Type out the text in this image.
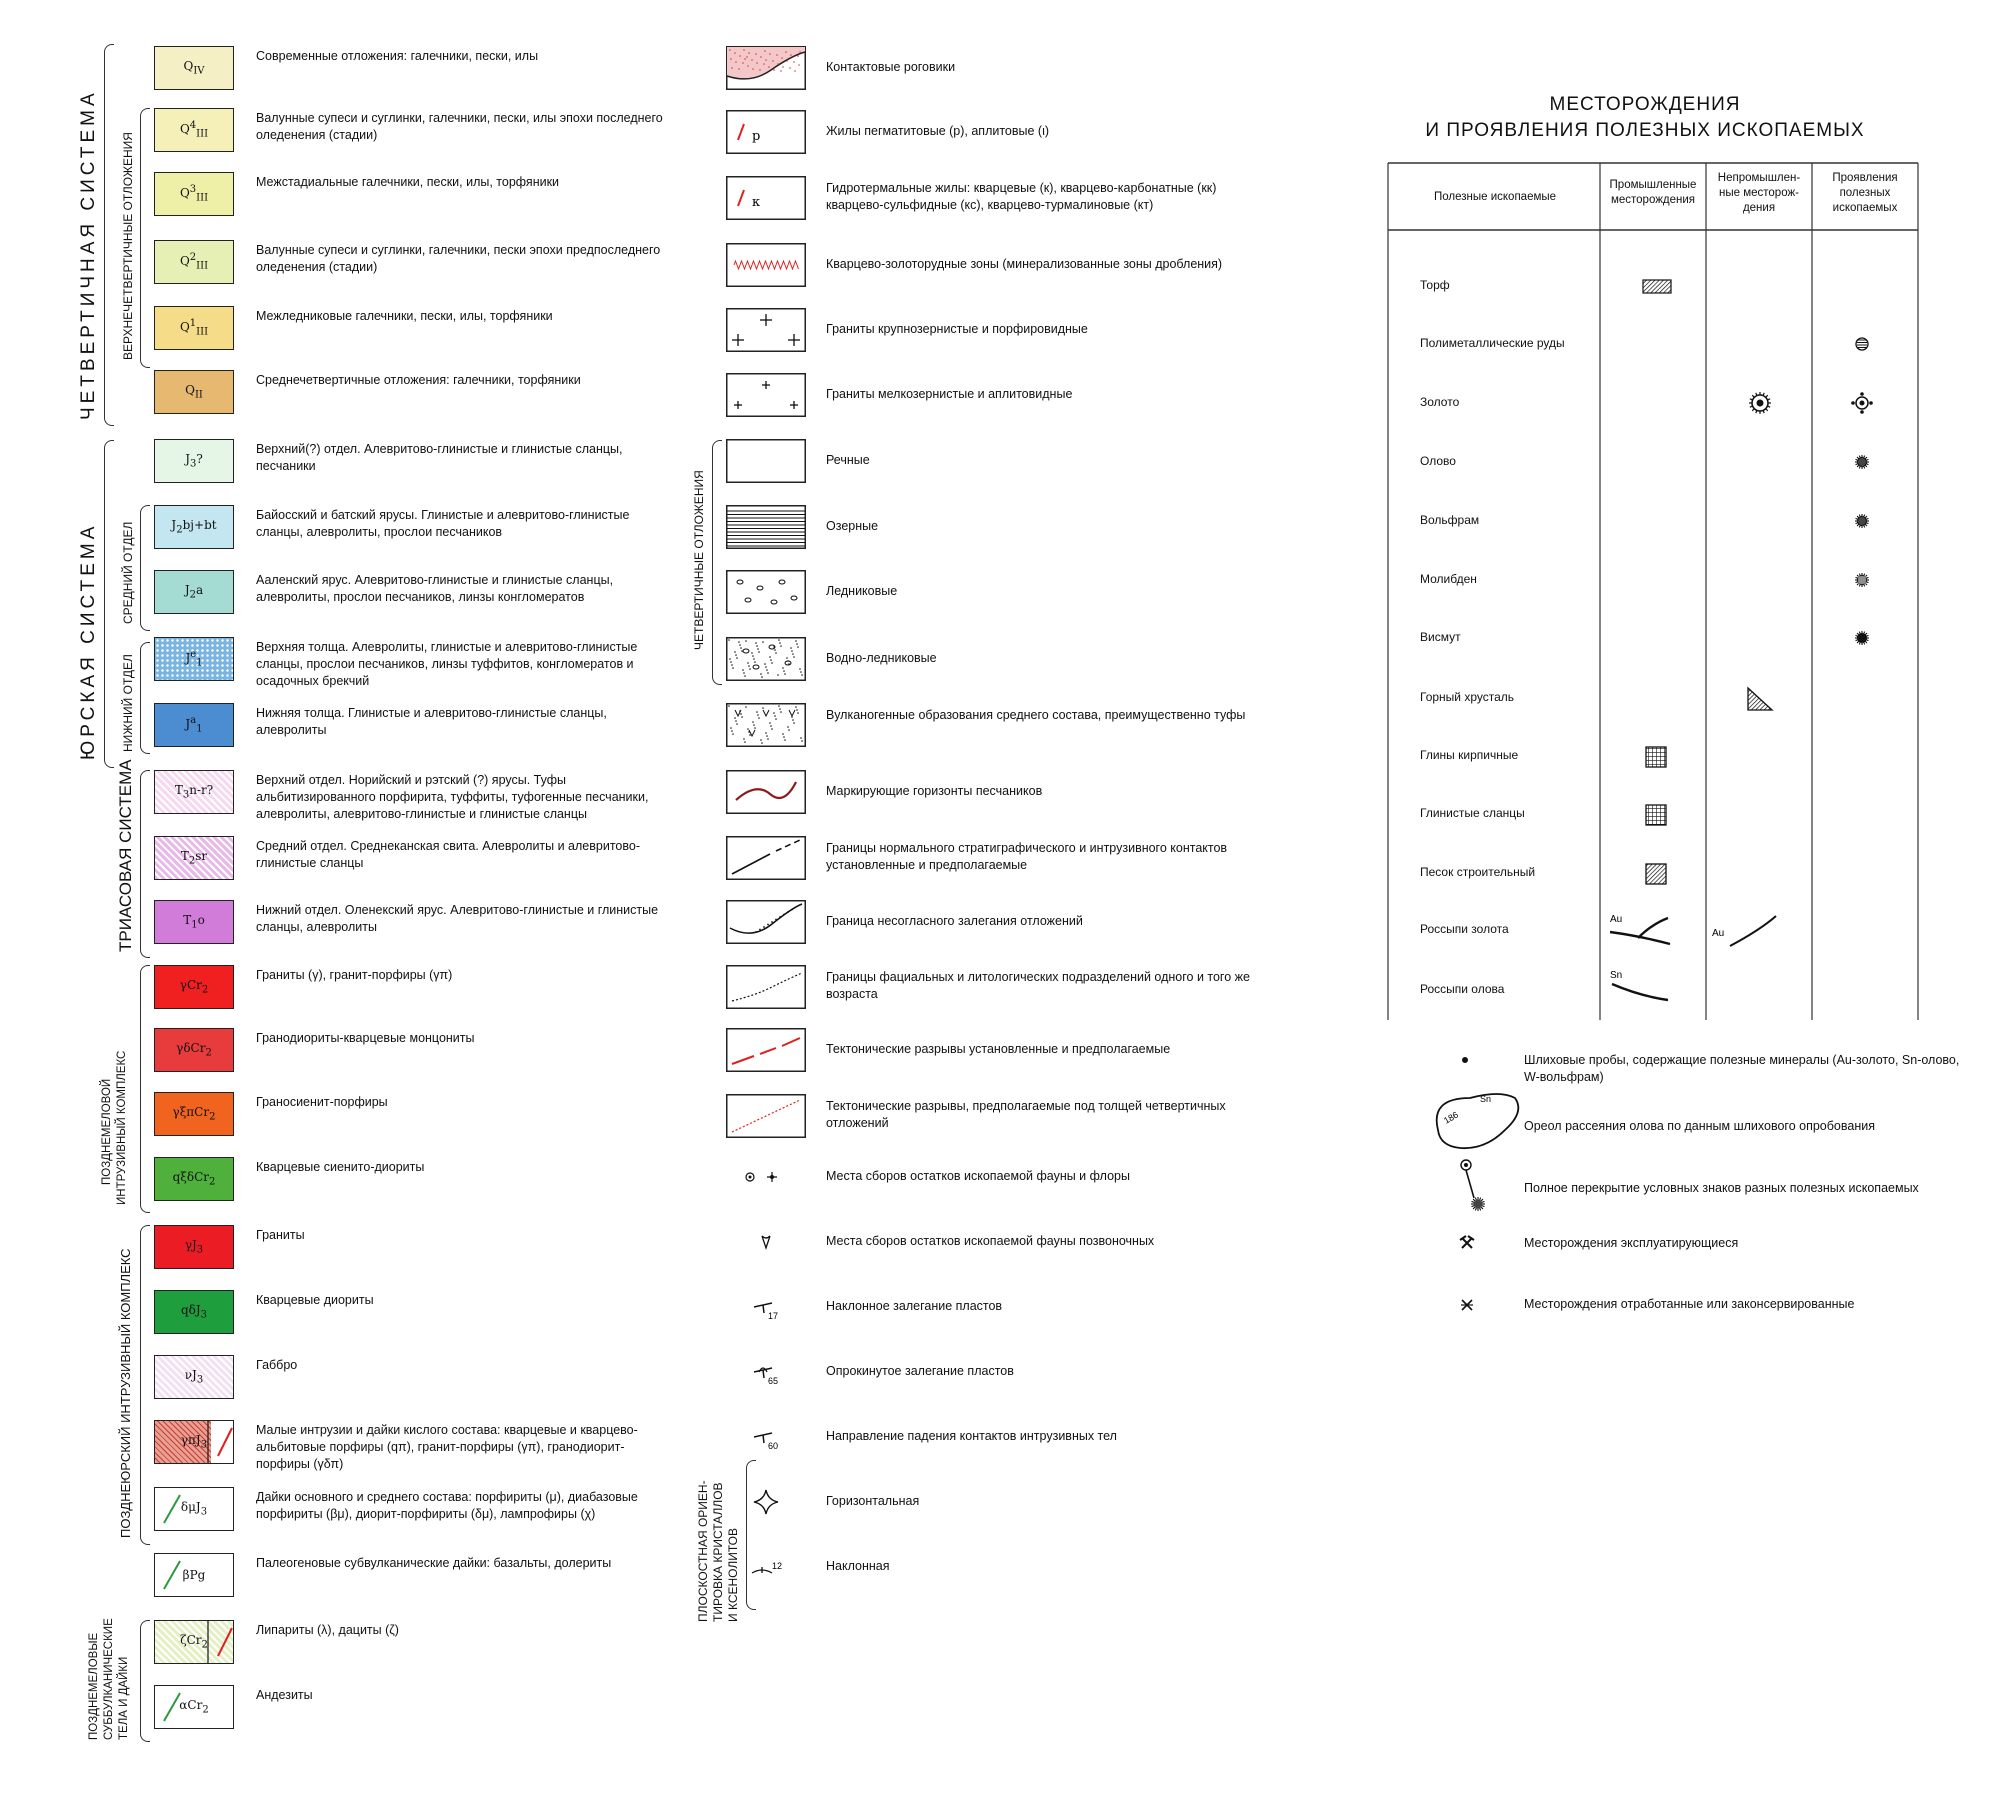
$Q_{IV}$
Современные отложения: галечники, пески, илы
$Q^4_{III}$
Валунные супеси и суглинки, галечники, пески, илы эпохи последнего оледенения (стадии)
$Q^3_{III}$
Межстадиальные галечники, пески, илы, торфяники
$Q^2_{III}$
Валунные супеси и суглинки, галечники, пески эпохи предпоследнего оледенения (стадии)
$Q^1_{III}$
Межледниковые галечники, пески, илы, торфяники
$Q_{II}$
Среднечетвертичные отложения: галечники, торфяники
$J_3$?
Верхний(?) отдел. Алевритово-глинистые и глинистые сланцы, песчаники
$J_2bj+bt$
Байосский и батский ярусы. Глинистые и алевритово-глинистые сланцы, алевролиты, прослои песчаников
$J_2a$
Ааленский ярус. Алевритово-глинистые и глинистые сланцы, алевролиты, прослои песчаников, линзы конгломератов
$J^e_1$
Верхняя толща. Алевролиты, глинистые и алевритово-глинистые сланцы, прослои песчаников, линзы туффитов, конгломератов и осадочных брекчий
$J^a_1$
Нижняя толща. Глинистые и алевритово-глинистые сланцы, алевролиты
$T_3n-r$?
Верхний отдел. Норийский и рэтский (?) ярусы. Туфы альбитизированного порфирита, туффиты, туфогенные песчаники, алевролиты, алевритово-глинистые и глинистые сланцы
$T_2sr$
Средний отдел. Среднеканская свита. Алевролиты и алевритово-глинистые сланцы
$T_1o$
Нижний отдел. Оленекский ярус. Алевритово-глинистые и глинистые сланцы, алевролиты
γCr$_2$
Граниты (γ), гранит-порфиры (γπ)
γδCr$_2$
Гранодиориты-кварцевые монцониты
γξπCr$_2$
Граносиенит-порфиры
qξδCr$_2$
Кварцевые сиенито-диориты
$\gamma J_3$
Граниты
qδJ$_3$
Кварцевые диориты
$\nu J_3$
Габбро
γπJ$_3$
Малые интрузии и дайки кислого состава: кварцевые и кварцево-альбитовые порфиры (qπ), гранит-порфиры (γπ), гранодиорит-порфиры (γδπ)
δμJ$_3$
Дайки основного и среднего состава: порфириты (μ), диабазовые порфириты (βμ), диорит-порфириты (δμ), лампрофиры (χ)
βPg
Палеогеновые субвулканические дайки: базальты, долериты
ζCr$_2$
Липариты (λ), дациты (ζ)
αCr$_2$
Андезиты
ЧЕТВЕРТИЧНАЯ СИСТЕМА ВЕРХНЕЧЕТВЕРТИЧНЫЕ ОТЛОЖЕНИЯ
ЮРСКАЯ СИСТЕМА СРЕДНИЙ ОТДЕЛ
НИЖНИЙ ОТДЕЛ
ТРИАСОВАЯ СИСТЕМА
ПОЗДНЕМЕЛОВОЙ ИНТРУЗИВНЫЙ КОМПЛЕКС
ПОЗДНЕЮРСКИЙ ИНТРУЗИВНЫЙ КОМПЛЕКС
ПОЗДНЕМЕЛОВЫЕ СУББУЛКАНИЧЕСКИЕ ТЕЛА И ДАЙКИ
Контактовые роговики
р	Жилы пегматитовые (р), аплитовые (ι)
к
Гидротермальные жилы: кварцевые (к), кварцево-карбонатные (кк) кварцево-сульфидные (кс), кварцево-турмалиновые (кт)
Кварцево-золоторудные зоны (минерализованные зоны дробления)
Граниты крупнозернистые и порфировидные
Граниты мелкозернистые и аплитовидные
Речные
Озерные
Ледниковые
Водно-ледниковые
Вулканогенные образования среднего состава, преимущественно туфы
Маркирующие горизонты песчаников
Границы нормального стратиграфического и интрузивного контактов установленные и предполагаемые
Граница несогласного залегания отложений
Границы фациальных и литологических подразделений одного и того же возраста
Тектонические разрывы установленные и предполагаемые
Тектонические разрывы, предполагаемые под толщей четвертичных отложений
Места сборов остатков ископаемой фауны и флоры
Места сборов остатков ископаемой фауны позвоночных
17
Наклонное залегание пластов
65
Опрокинутое залегание пластов
60
Направление падения контактов интрузивных тел
Горизонтальная
12	Наклонная
ЧЕТВЕРТИЧНЫЕ ОТЛОЖЕНИЯ
ПЛОСКОСТНАЯ ОРИЕН- ТИРОВКА КРИСТАЛЛОВ И КСЕНОЛИТОВ
МЕСТОРОЖДЕНИЯ
И ПРОЯВЛЕНИЯ ПОЛЕЗНЫХ ИСКОПАЕМЫХ
Полезные ископаемые
Промышленные месторождения
Непромышлен-ные месторож-дения
Проявления полезных ископаемых
Торф
Полиметаллические руды
Золото
Олово
Вольфрам
Молибден
Висмут
Горный хрусталь
Глины кирпичные
Глинистые сланцы
Песок строительный
Россыпи золота
Россыпи олова
Шлиховые пробы, содержащие полезные минералы (Au-золото, Sn-олово, W-вольфрам)
Ореол рассеяния олова по данным шлихового опробования
Полное перекрытие условных знаков разных полезных ископаемых
Месторождения эксплуатирующиеся
Месторождения отработанные или законсервированные
Au
Au
Sn
Sn
186
